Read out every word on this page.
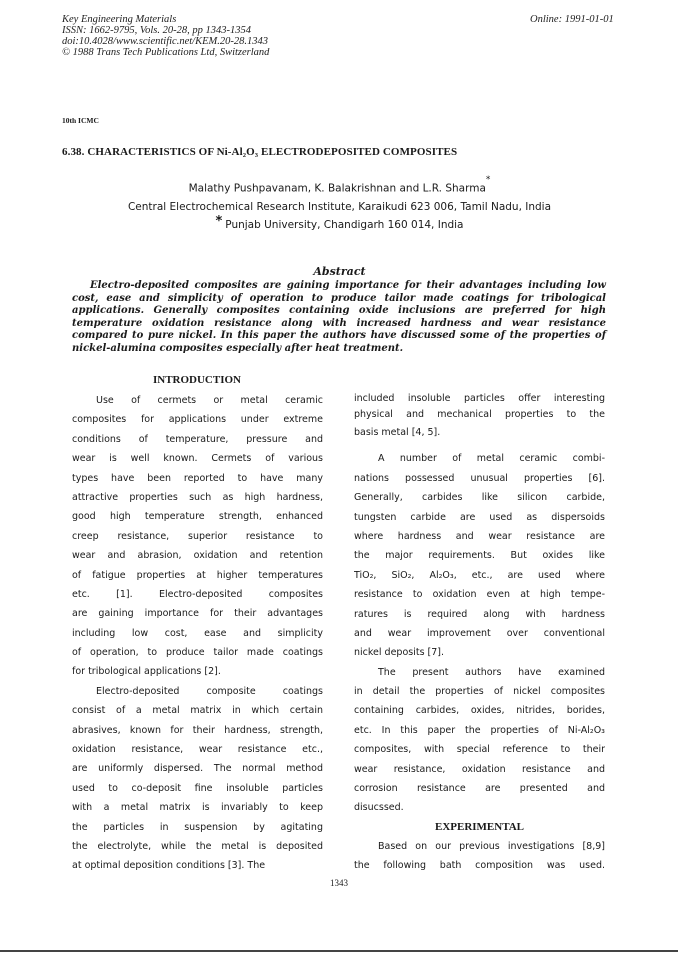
Key Engineering Materials
ISSN: 1662-9795, Vols. 20-28, pp 1343-1354
doi:10.4028/www.scientific.net/KEM.20-28.1343
© 1988 Trans Tech Publications Ltd, Switzerland
Online: 1991-01-01
10th ICMC
6.38. CHARACTERISTICS OF Ni-Al₂O₃ ELECTRODEPOSITED COMPOSITES
Malathy Pushpavanam, K. Balakrishnan and L.R. Sharma*
Central Electrochemical Research Institute, Karaikudi 623 006, Tamil Nadu, India
* Punjab University, Chandigarh 160 014, India
Abstract
Electro-deposited composites are gaining importance for their advantages including low cost, ease and simplicity of operation to produce tailor made coatings for tribological applications. Generally composites containing oxide inclusions are preferred for high temperature oxidation resistance along with increased hardness and wear resistance compared to pure nickel. In this paper the authors have discussed some of the properties of nickel-alumina composites especially after heat treatment.
INTRODUCTION
Use of cermets or metal ceramic
composites for applications under extreme
conditions of temperature, pressure and
wear is well known. Cermets of various
types have been reported to have many
attractive properties such as high hardness,
good high temperature strength, enhanced
creep resistance, superior resistance to
wear and abrasion, oxidation and retention
of fatigue properties at higher temperatures
etc. [1]. Electro-deposited composites
are gaining importance for their advantages
including low cost, ease and simplicity
of operation, to produce tailor made coatings
for tribological applications [2].
Electro-deposited composite coatings
consist of a metal matrix in which certain
abrasives, known for their hardness, strength,
oxidation resistance, wear resistance etc.,
are uniformly dispersed. The normal method
used to co-deposit fine insoluble particles
with a metal matrix is invariably to keep
the particles in suspension by agitating
the electrolyte, while the metal is deposited
at optimal deposition conditions [3]. The
included insoluble particles offer interesting
physical and mechanical properties to the
basis metal [4, 5].
A number of metal ceramic combi-
nations possessed unusual properties [6].
Generally, carbides like silicon carbide,
tungsten carbide are used as dispersoids
where hardness and wear resistance are
the major requirements. But oxides like
TiO₂, SiO₂, Al₂O₃, etc., are used where
resistance to oxidation even at high tempe-
ratures is required along with hardness
and wear improvement over conventional
nickel deposits [7].
The present authors have examined
in detail the properties of nickel composites
containing carbides, oxides, nitrides, borides,
etc. In this paper the properties of Ni-Al₂O₃
composites, with special reference to their
wear resistance, oxidation resistance and
corrosion resistance are presented and
disucssed.
EXPERIMENTAL
Based on our previous investigations [8,9]
the following bath composition was used.
1343
